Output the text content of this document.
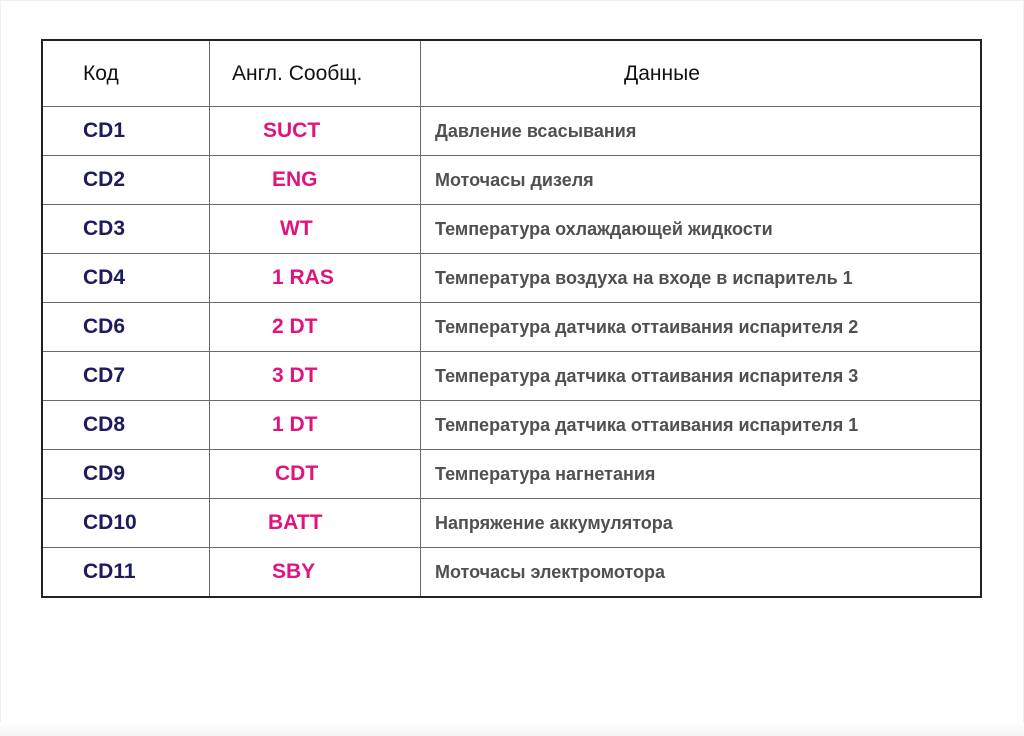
Код	Англ. Сообщ.	Данные
CD1	SUCT	Давление всасывания
CD2	ENG	Моточасы дизеля
CD3	WT	Температура охлаждающей жидкости
CD4	1 RAS	Температура воздуха на входе в испаритель 1
CD6	2 DT	Температура датчика оттаивания испарителя 2
CD7	3 DT	Температура датчика оттаивания испарителя 3
CD8	1 DT	Температура датчика оттаивания испарителя 1
CD9	CDT	Температура нагнетания
CD10	BATT	Напряжение аккумулятора
CD11	SBY	Моточасы электромотора
